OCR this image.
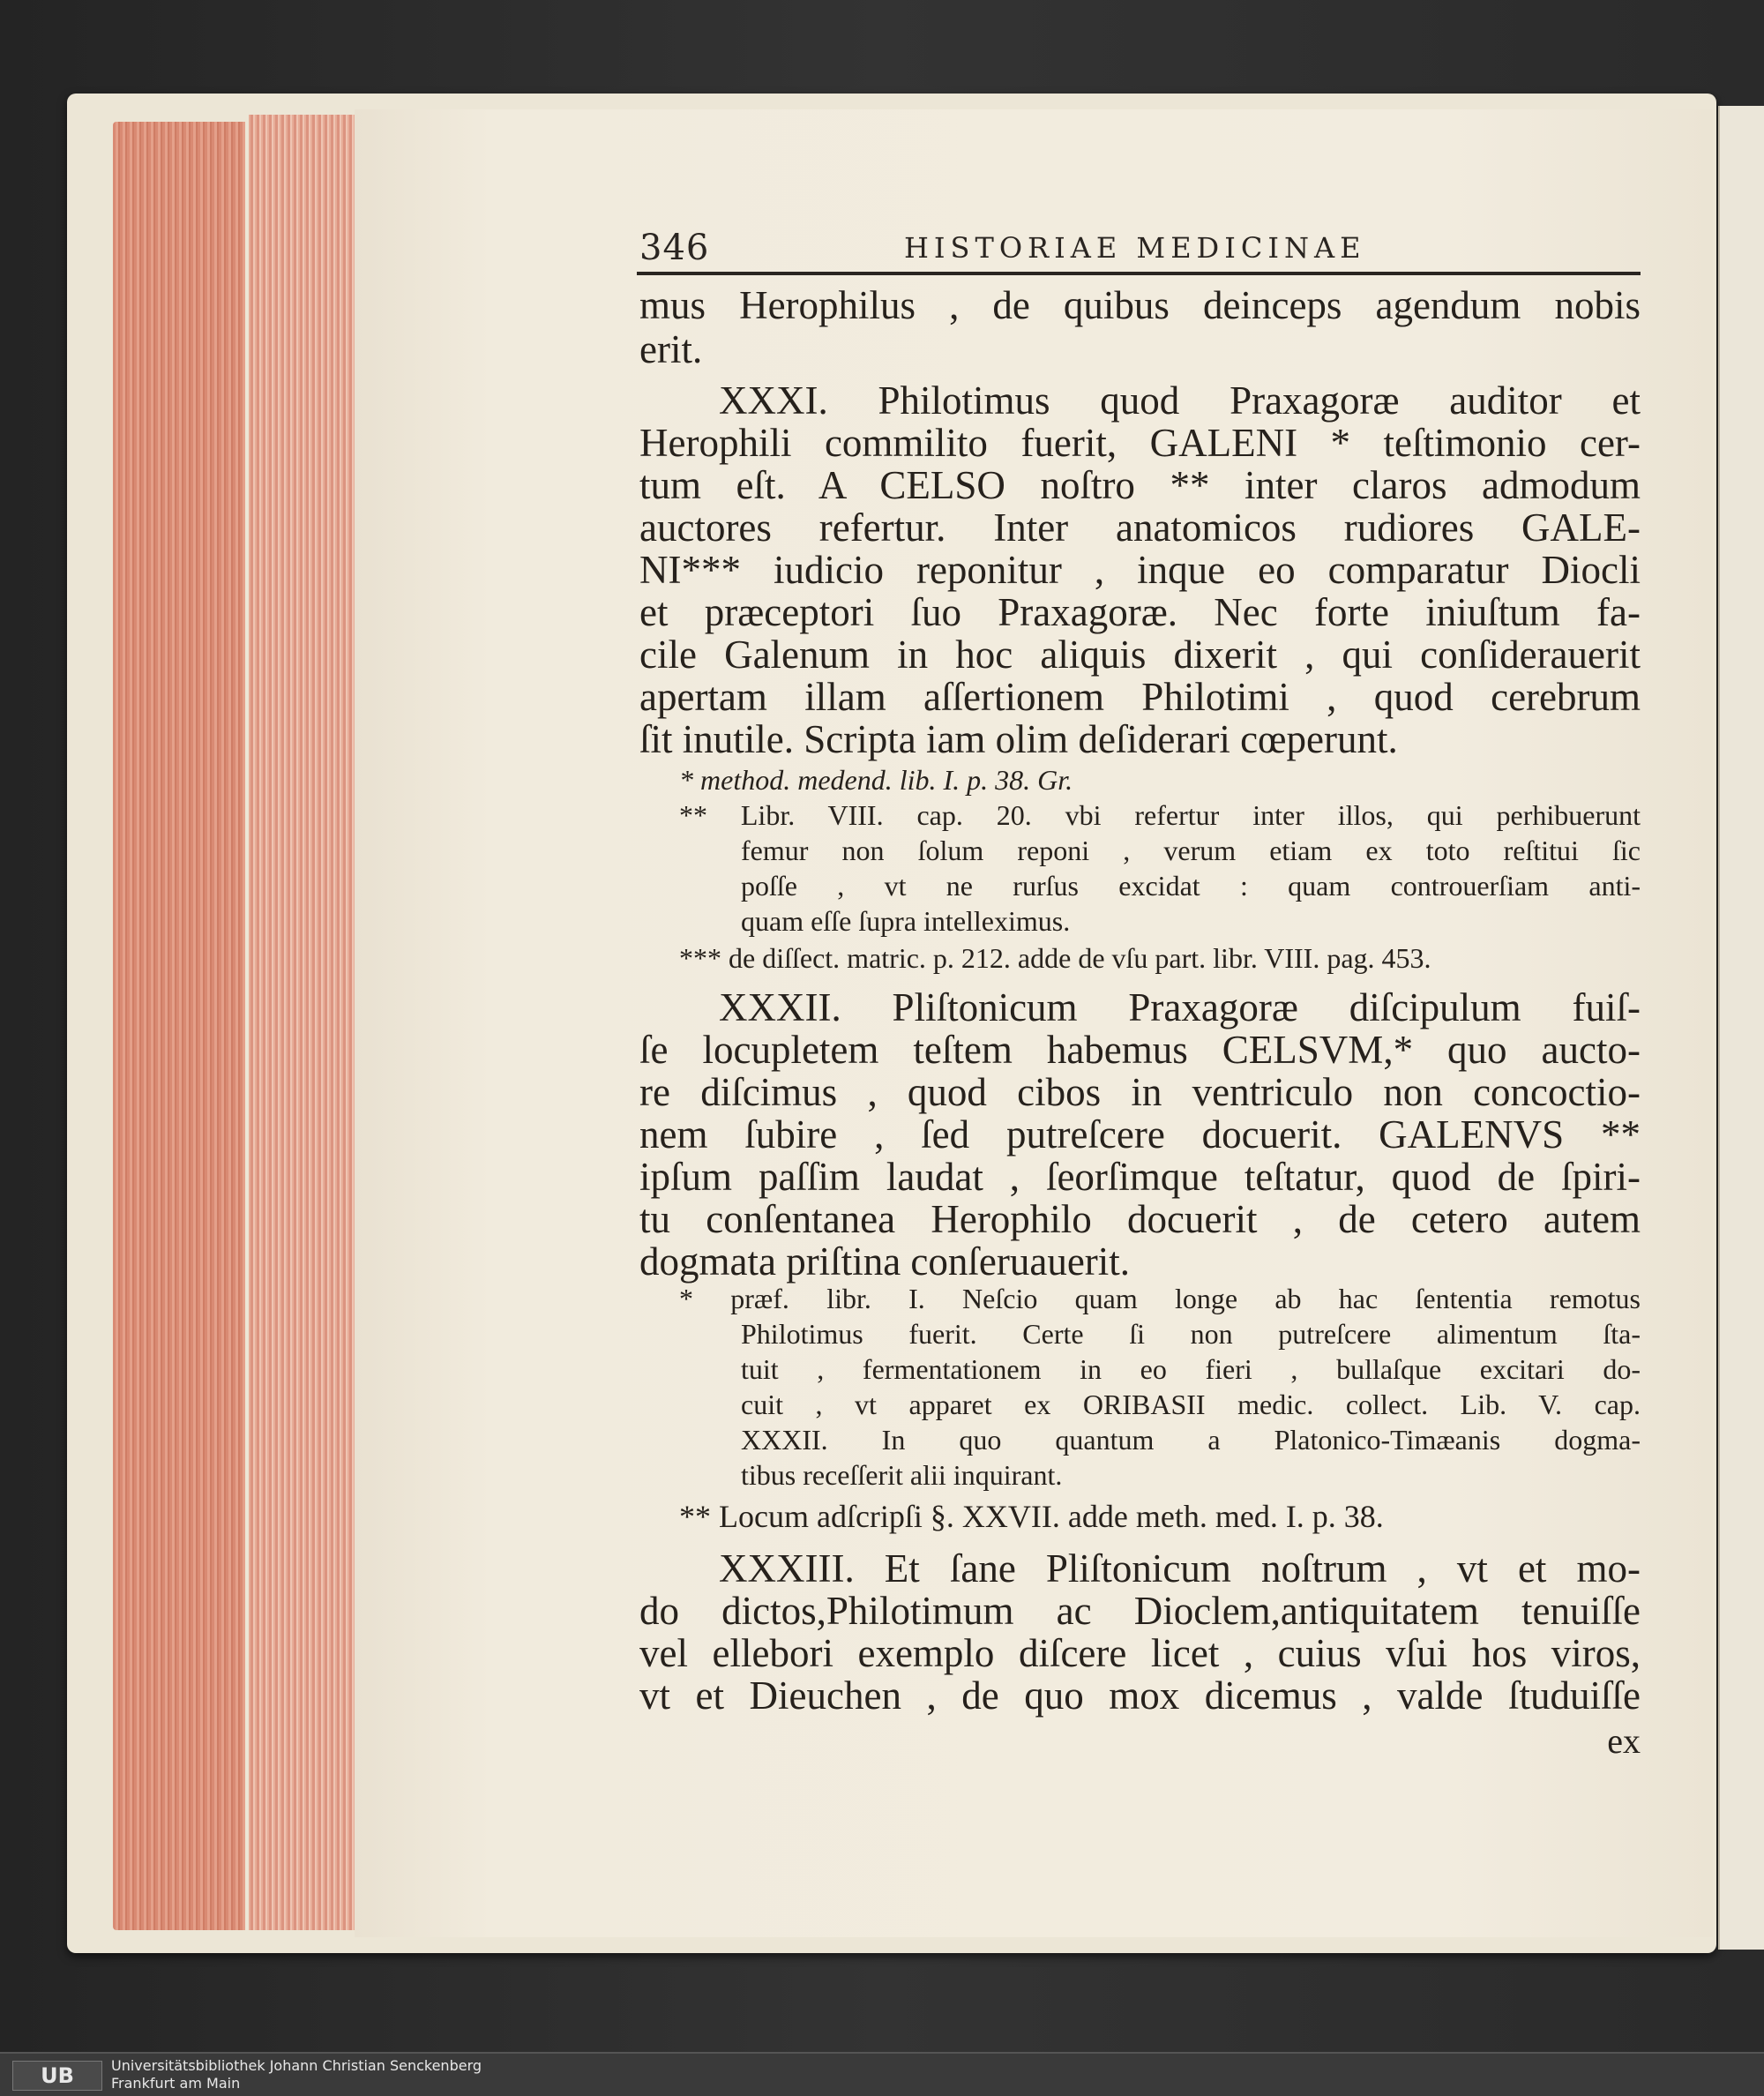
346	HISTORIAE MEDICINAE
mus Herophilus , de quibus deinceps agendum nobis
erit.
XXXI. Philotimus quod Praxagoræ auditor et
Herophili commilito fuerit, GALENI * teſtimonio cer-
tum eſt. A CELSO noſtro ** inter claros admodum
auctores refertur. Inter anatomicos rudiores GALE-
NI*** iudicio reponitur , inque eo comparatur Diocli
et præceptori ſuo Praxagoræ. Nec forte iniuſtum fa-
cile Galenum in hoc aliquis dixerit , qui conſiderauerit
apertam illam aſſertionem Philotimi , quod cerebrum
ſit inutile. Scripta iam olim deſiderari cœperunt.
* method. medend. lib. I. p. 38. Gr.
** Libr. VIII. cap. 20. vbi refertur inter illos, qui perhibuerunt
femur non ſolum reponi , verum etiam ex toto reſtitui ſic
poſſe , vt ne rurſus excidat : quam controuerſiam anti-
quam eſſe ſupra intelleximus.
*** de diſſect. matric. p. 212. adde de vſu part. libr. VIII. pag. 453.
XXXII. Pliſtonicum Praxagoræ diſcipulum fuiſ-
ſe locupletem teſtem habemus CELSVM,* quo aucto-
re diſcimus , quod cibos in ventriculo non concoctio-
nem ſubire , ſed putreſcere docuerit. GALENVS **
ipſum paſſim laudat , ſeorſimque teſtatur, quod de ſpiri-
tu conſentanea Herophilo docuerit , de cetero autem
dogmata priſtina conſeruauerit.
* præf. libr. I. Neſcio quam longe ab hac ſententia remotus
Philotimus fuerit. Certe ſi non putreſcere alimentum ſta-
tuit , fermentationem in eo fieri , bullaſque excitari do-
cuit , vt apparet ex ORIBASII medic. collect. Lib. V. cap.
XXXII. In quo quantum a Platonico-Timæanis dogma-
tibus receſſerit alii inquirant.
** Locum adſcripſi §. XXVII. adde meth. med. I. p. 38.
XXXIII. Et ſane Pliſtonicum noſtrum , vt et mo-
do dictos,Philotimum ac Dioclem,antiquitatem tenuiſſe
vel ellebori exemplo diſcere licet , cuius vſui hos viros,
vt et Dieuchen , de quo mox dicemus , valde ſtuduiſſe
ex
UB	Universitätsbibliothek Johann Christian Senckenberg
Frankfurt am Main
